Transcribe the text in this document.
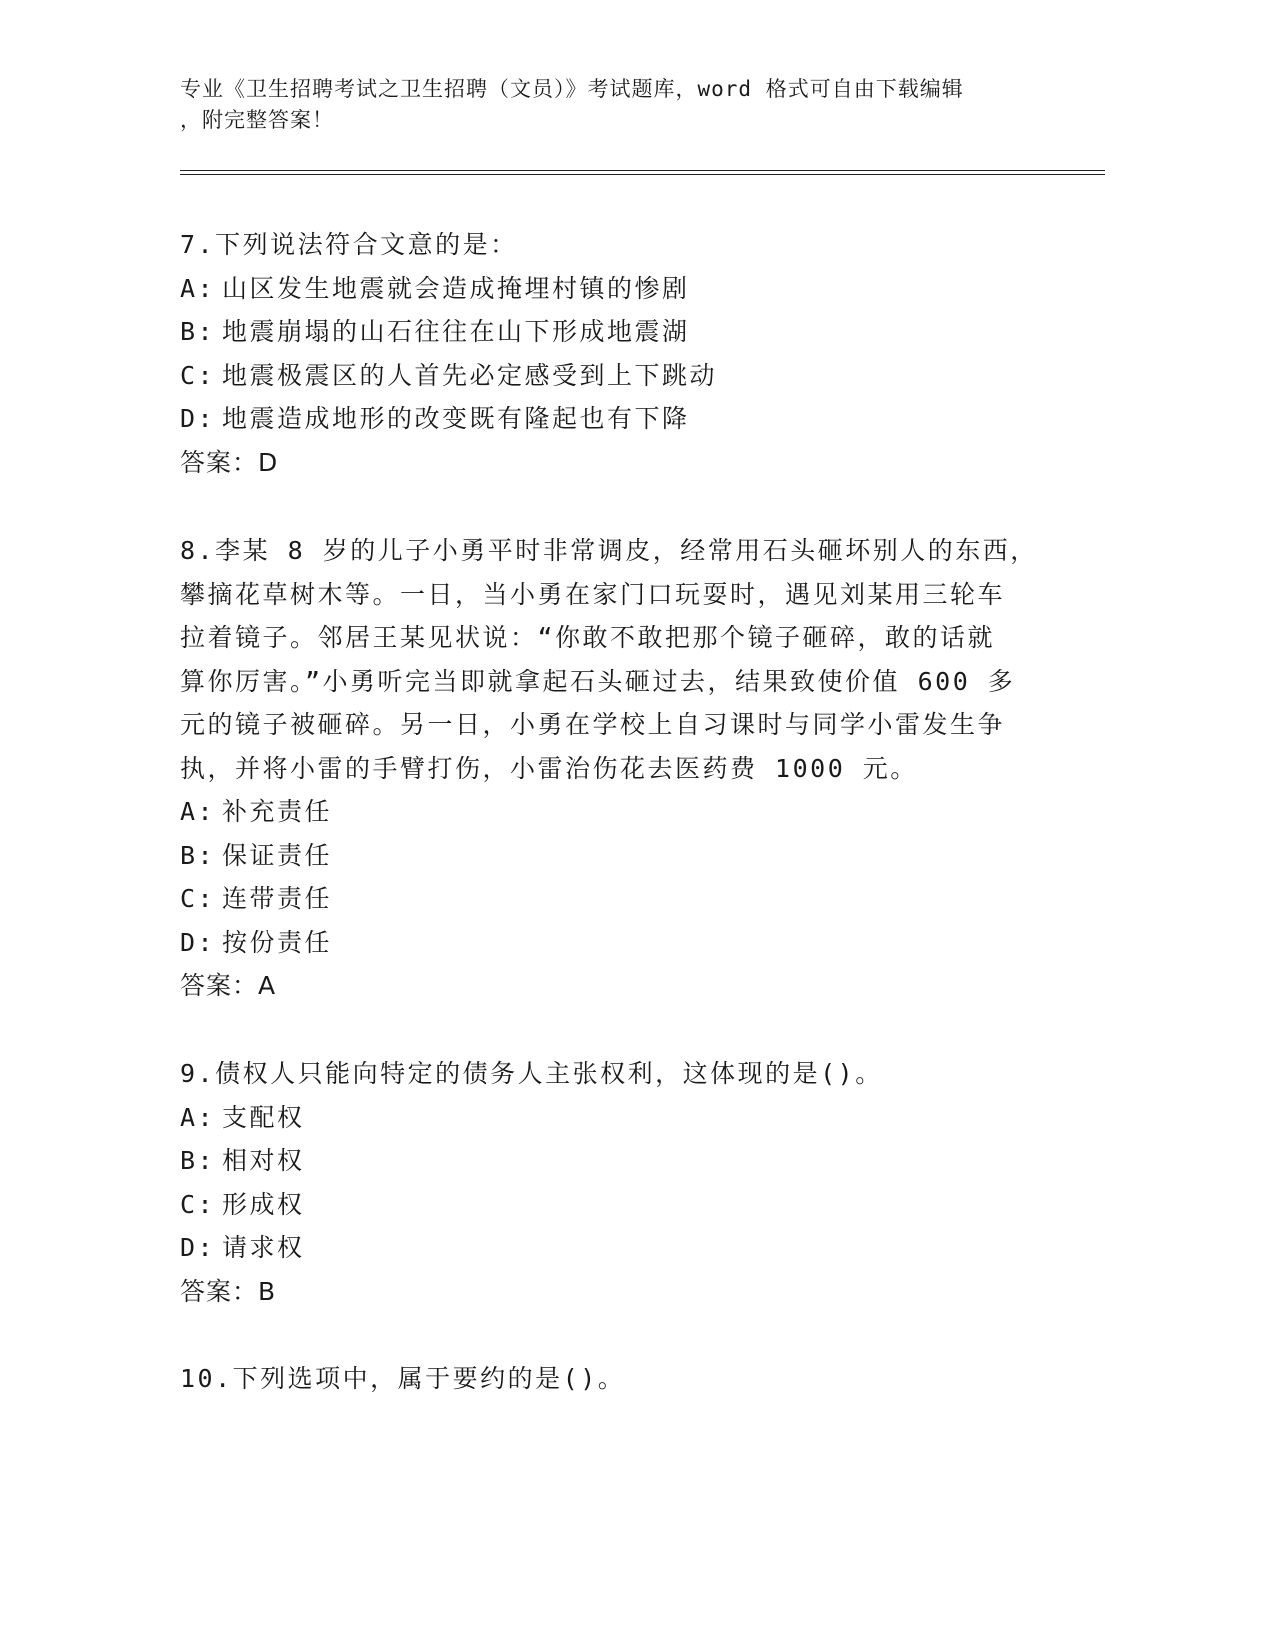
专业《卫生招聘考试之卫生招聘（文员）》考试题库，word 格式可自由下载编辑
，附完整答案！
7.下列说法符合文意的是：
A: 山区发生地震就会造成掩埋村镇的惨剧
B: 地震崩塌的山石往往在山下形成地震湖
C: 地震极震区的人首先必定感受到上下跳动
D: 地震造成地形的改变既有隆起也有下降
答案：D
8.李某 8 岁的儿子小勇平时非常调皮，经常用石头砸坏别人的东西，
攀摘花草树木等。一日，当小勇在家门口玩耍时，遇见刘某用三轮车
拉着镜子。邻居王某见状说：“你敢不敢把那个镜子砸碎，敢的话就
算你厉害。”小勇听完当即就拿起石头砸过去，结果致使价值 600 多
元的镜子被砸碎。另一日，小勇在学校上自习课时与同学小雷发生争
执，并将小雷的手臂打伤，小雷治伤花去医药费 1000 元。
A: 补充责任
B: 保证责任
C: 连带责任
D: 按份责任
答案：A
9.债权人只能向特定的债务人主张权利，这体现的是()。
A: 支配权
B: 相对权
C: 形成权
D: 请求权
答案：B
10.下列选项中，属于要约的是()。
